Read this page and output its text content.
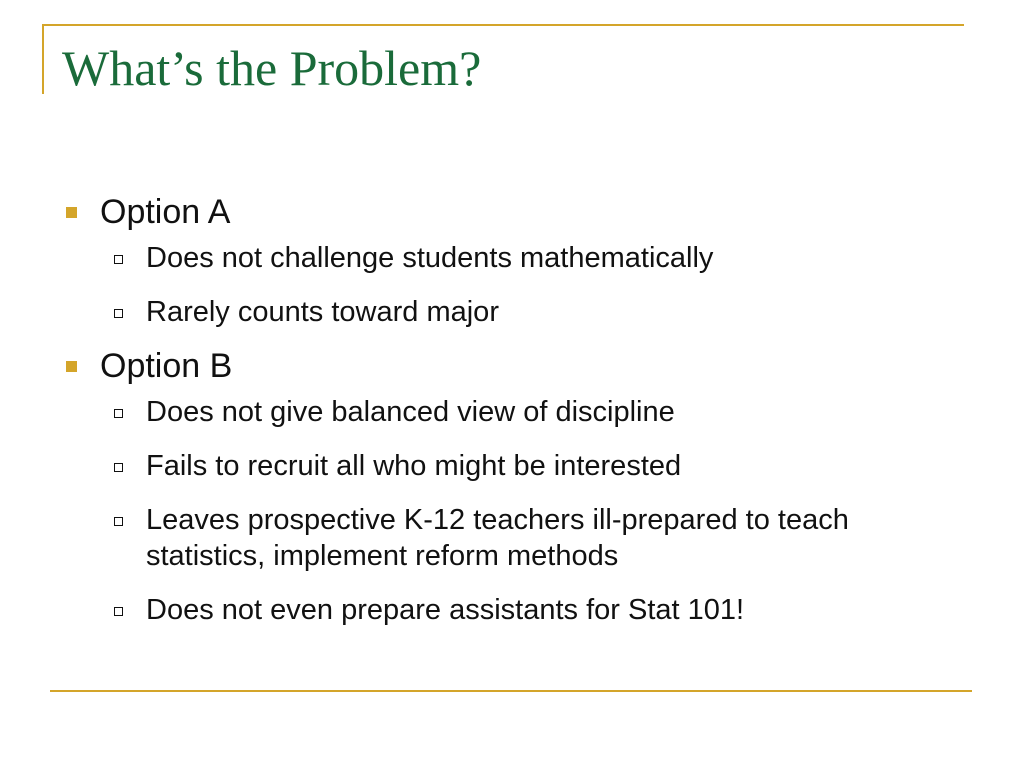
What’s the Problem?
Option A
Does not challenge students mathematically
Rarely counts toward major
Option B
Does not give balanced view of discipline
Fails to recruit all who might be interested
Leaves prospective K-12 teachers ill-prepared to teach statistics, implement reform methods
Does not even prepare assistants for Stat 101!
